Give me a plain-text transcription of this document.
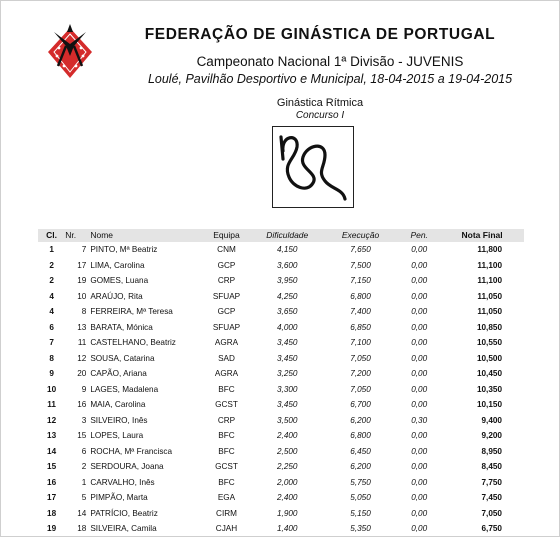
FEDERAÇÃO DE GINÁSTICA DE PORTUGAL
Campeonato Nacional 1ª Divisão - JUVENIS
Loulé, Pavilhão Desportivo e Municipal, 18-04-2015 a 19-04-2015
Ginástica Rítmica
Concurso I
Cl.	Nr.	Nome	Equipa	Dificuldade	Execução	Pen.	Nota Final
1	7	PINTO, Mª Beatriz	CNM	4,150	7,650	0,00	11,800
2	17	LIMA, Carolina	GCP	3,600	7,500	0,00	11,100
2	19	GOMES, Luana	CRP	3,950	7,150	0,00	11,100
4	10	ARAÚJO, Rita	SFUAP	4,250	6,800	0,00	11,050
4	8	FERREIRA, Mª Teresa	GCP	3,650	7,400	0,00	11,050
6	13	BARATA, Mónica	SFUAP	4,000	6,850	0,00	10,850
7	11	CASTELHANO, Beatriz	AGRA	3,450	7,100	0,00	10,550
8	12	SOUSA, Catarina	SAD	3,450	7,050	0,00	10,500
9	20	CAPÃO, Ariana	AGRA	3,250	7,200	0,00	10,450
10	9	LAGES, Madalena	BFC	3,300	7,050	0,00	10,350
11	16	MAIA, Carolina	GCST	3,450	6,700	0,00	10,150
12	3	SILVEIRO, Inês	CRP	3,500	6,200	0,30	9,400
13	15	LOPES, Laura	BFC	2,400	6,800	0,00	9,200
14	6	ROCHA, Mª Francisca	BFC	2,500	6,450	0,00	8,950
15	2	SERDOURA, Joana	GCST	2,250	6,200	0,00	8,450
16	1	CARVALHO, Inês	BFC	2,000	5,750	0,00	7,750
17	5	PIMPÃO, Marta	EGA	2,400	5,050	0,00	7,450
18	14	PATRÍCIO, Beatriz	CIRM	1,900	5,150	0,00	7,050
19	18	SILVEIRA, Camila	CJAH	1,400	5,350	0,00	6,750
